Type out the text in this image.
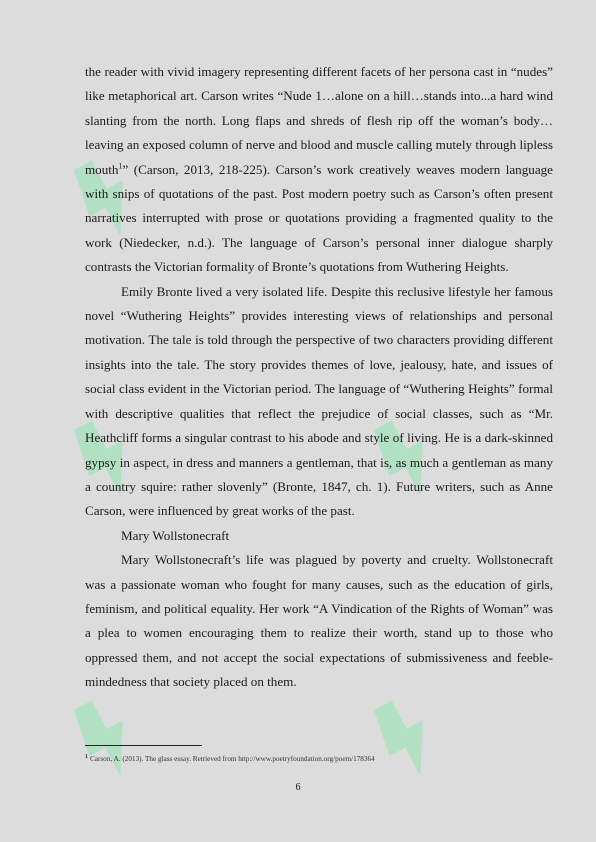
the reader with vivid imagery representing different facets of her persona cast in “nudes” like metaphorical art. Carson writes “Nude 1…alone on a hill…stands into...a hard wind slanting from the north. Long flaps and shreds of flesh rip off the woman’s body…leaving an exposed column of nerve and blood and muscle calling mutely through lipless mouth$^1$” (Carson, 2013, 218-225). Carson’s work creatively weaves modern language with snips of quotations of the past. Post modern poetry such as Carson’s often present narratives interrupted with prose or quotations providing a fragmented quality to the work (Niedecker, n.d.). The language of Carson’s personal inner dialogue sharply contrasts the Victorian formality of Bronte’s quotations from Wuthering Heights.

Emily Bronte lived a very isolated life. Despite this reclusive lifestyle her famous novel “Wuthering Heights” provides interesting views of relationships and personal motivation. The tale is told through the perspective of two characters providing different insights into the tale. The story provides themes of love, jealousy, hate, and issues of social class evident in the Victorian period. The language of “Wuthering Heights” formal with descriptive qualities that reflect the prejudice of social classes, such as “Mr. Heathcliff forms a singular contrast to his abode and style of living. He is a dark-skinned gypsy in aspect, in dress and manners a gentleman, that is, as much a gentleman as many a country squire: rather slovenly” (Bronte, 1847, ch. 1). Future writers, such as Anne Carson, were influenced by great works of the past.

Mary Wollstonecraft

Mary Wollstonecraft’s life was plagued by poverty and cruelty. Wollstonecraft was a passionate woman who fought for many causes, such as the education of girls, feminism, and political equality. Her work “A Vindication of the Rights of Woman” was a plea to women encouraging them to realize their worth, stand up to those who oppressed them, and not accept the social expectations of submissiveness and feeble-mindedness that society placed on them.

$^1$ Carson, A. (2013). The glass essay. Retrieved from http://www.poetryfoundation.org/poem/178364
6
